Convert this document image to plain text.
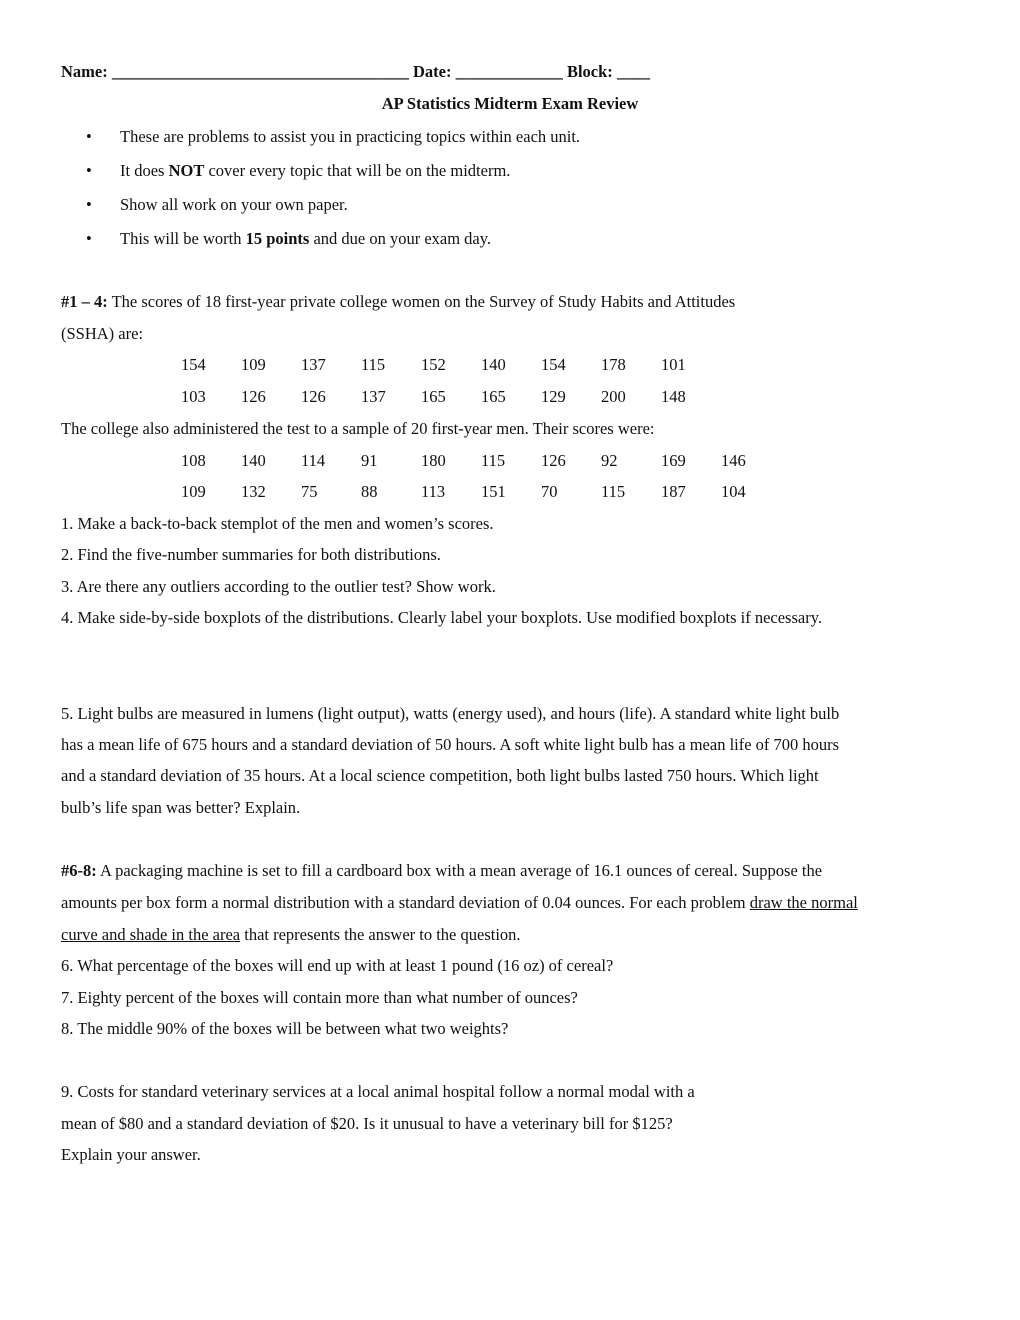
Name: ____________________________________ Date: _____________ Block: ____
AP Statistics Midterm Exam Review
• These are problems to assist you in practicing topics within each unit.
• It does NOT cover every topic that will be on the midterm.
• Show all work on your own paper.
• This will be worth 15 points and due on your exam day.
#1 – 4: The scores of 18 first-year private college women on the Survey of Study Habits and Attitudes
(SSHA) are:
154 109 137 115 152 140 154 178 101
103 126 126 137 165 165 129 200 148
The college also administered the test to a sample of 20 first-year men. Their scores were:
108 140 114 91	180 115 126 92	169 146
109 132 75	88	113 151 70	115 187 104
1. Make a back-to-back stemplot of the men and women’s scores.
2. Find the five-number summaries for both distributions.
3. Are there any outliers according to the outlier test? Show work.
4. Make side-by-side boxplots of the distributions. Clearly label your boxplots. Use modified boxplots if necessary.
5. Light bulbs are measured in lumens (light output), watts (energy used), and hours (life). A standard white light bulb
has a mean life of 675 hours and a standard deviation of 50 hours. A soft white light bulb has a mean life of 700 hours
and a standard deviation of 35 hours. At a local science competition, both light bulbs lasted 750 hours. Which light
bulb’s life span was better? Explain.
#6-8: A packaging machine is set to fill a cardboard box with a mean average of 16.1 ounces of cereal. Suppose the
amounts per box form a normal distribution with a standard deviation of 0.04 ounces. For each problem draw the normal
curve and shade in the area that represents the answer to the question.
6. What percentage of the boxes will end up with at least 1 pound (16 oz) of cereal?
7. Eighty percent of the boxes will contain more than what number of ounces?
8. The middle 90% of the boxes will be between what two weights?
9. Costs for standard veterinary services at a local animal hospital follow a normal modal with a
mean of $80 and a standard deviation of $20. Is it unusual to have a veterinary bill for $125?
Explain your answer.
